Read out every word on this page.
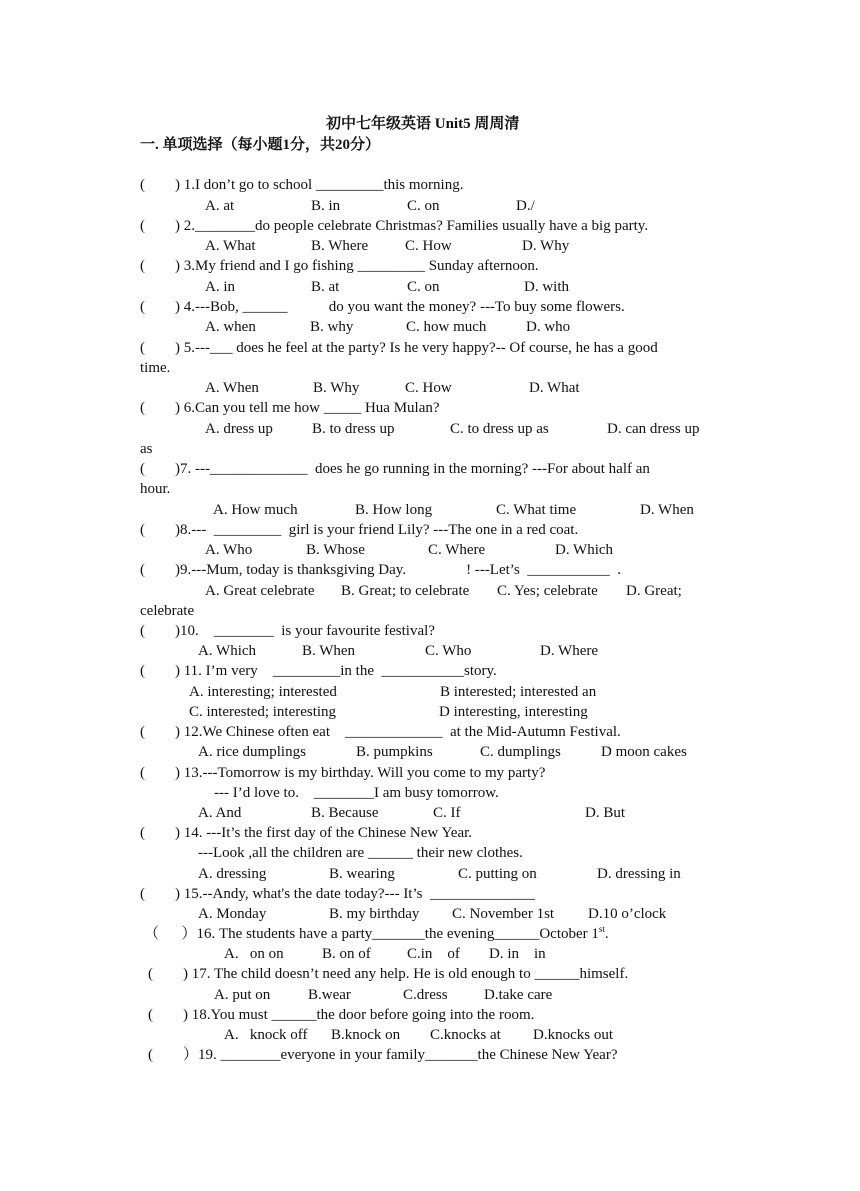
初中七年级英语 Unit5 周周清
一. 单项选择（每小题1分，共20分）
(        ) 1.I don’t go to school _________this morning.
A. at	B. in	C. on	D./
(        ) 2.________do people celebrate Christmas? Families usually have a big party.
A. What	B. Where C. How	D. Why
(        ) 3.My friend and I go fishing _________ Sunday afternoon.
A. in	B. at	C. on	D. with
(        ) 4.---Bob, ______           do you want the money? ---To buy some flowers.
A. when	B. why	C. how much	D. who
(        ) 5.---___ does he feel at the party? Is he very happy?-- Of course, he has a good
time.
A. When	B. Why	C. How	D. What
(        ) 6.Can you tell me how _____ Hua Mulan?
A. dress up	B. to dress up	C. to dress up as	D. can dress up
as
(        )7. ---_____________  does he go running in the morning? ---For about half an
hour.
A. How much	B. How long	C. What time	D. When
(        )8.---  _________  girl is your friend Lily? ---The one in a red coat.
A. Who	B. Whose	C. Where	D. Which
(        )9.---Mum, today is thanksgiving Day.                ! ---Let’s  ___________  .
A. Great celebrate B. Great; to celebrate C. Yes; celebrate D. Great;
celebrate
(        )10.    ________  is your favourite festival?
A. Which	B. When	C. Who	D. Where
(        ) 11. I’m very    _________in the  ___________story.
A. interesting; interested	B interested; interested an
C. interested; interesting	D interesting, interesting
(        ) 12.We Chinese often eat    _____________  at the Mid-Autumn Festival.
A. rice dumplings	B. pumpkins	C. dumplings	D moon cakes
(        ) 13.---Tomorrow is my birthday. Will you come to my party?
--- I’d love to.    ________I am busy tomorrow.
A. And	B. Because	C. If	D. But
(        ) 14. ---It’s the first day of the Chinese New Year.
---Look ,all the children are ______ their new clothes.
A. dressing	B. wearing	C. putting on	D. dressing in
(        ) 15.--Andy, what's the date today?--- It’s  ______________
A. Monday	B. my birthday C. November 1st D.10 o’clock
（      ）16. The students have a party_______the evening______October 1st.
A.   on on	B. on of C.in    of D. in    in
(        ) 17. The child doesn’t need any help. He is old enough to ______himself.
A. put on	B.wear	C.dress D.take care
(        ) 18.You must ______the door before going into the room.
A.   knock off B.knock on C.knocks at D.knocks out
(        ）19. ________everyone in your family_______the Chinese New Year?
